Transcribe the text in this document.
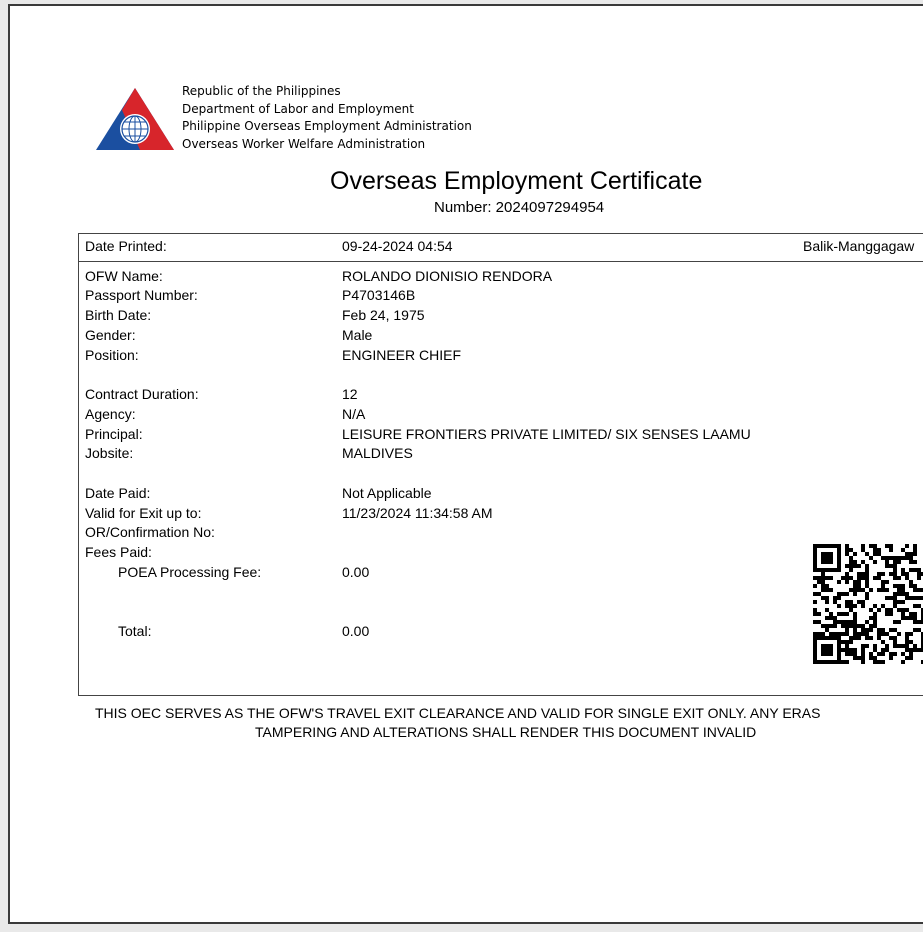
Republic of the Philippines
Department of Labor and Employment
Philippine Overseas Employment Administration
Overseas Worker Welfare Administration
Overseas Employment Certificate
Number: 2024097294954
Date Printed:	09-24-2024 04:54	Balik-Manggagaw
OFW Name:	ROLANDO DIONISIO RENDORA
Passport Number:	P4703146B
Birth Date:	Feb 24, 1975
Gender:	Male
Position:	ENGINEER CHIEF
Contract Duration:	12
Agency:	N/A
Principal:	LEISURE FRONTIERS PRIVATE LIMITED/ SIX SENSES LAAMU
Jobsite:	MALDIVES
Date Paid:	Not Applicable
Valid for Exit up to:	11/23/2024 11:34:58 AM
OR/Confirmation No:
Fees Paid:
POEA Processing Fee:	0.00
Total:	0.00
THIS OEC SERVES AS THE OFW'S TRAVEL EXIT CLEARANCE AND VALID FOR SINGLE EXIT ONLY. ANY ERAS
TAMPERING AND ALTERATIONS SHALL RENDER THIS DOCUMENT INVALID
